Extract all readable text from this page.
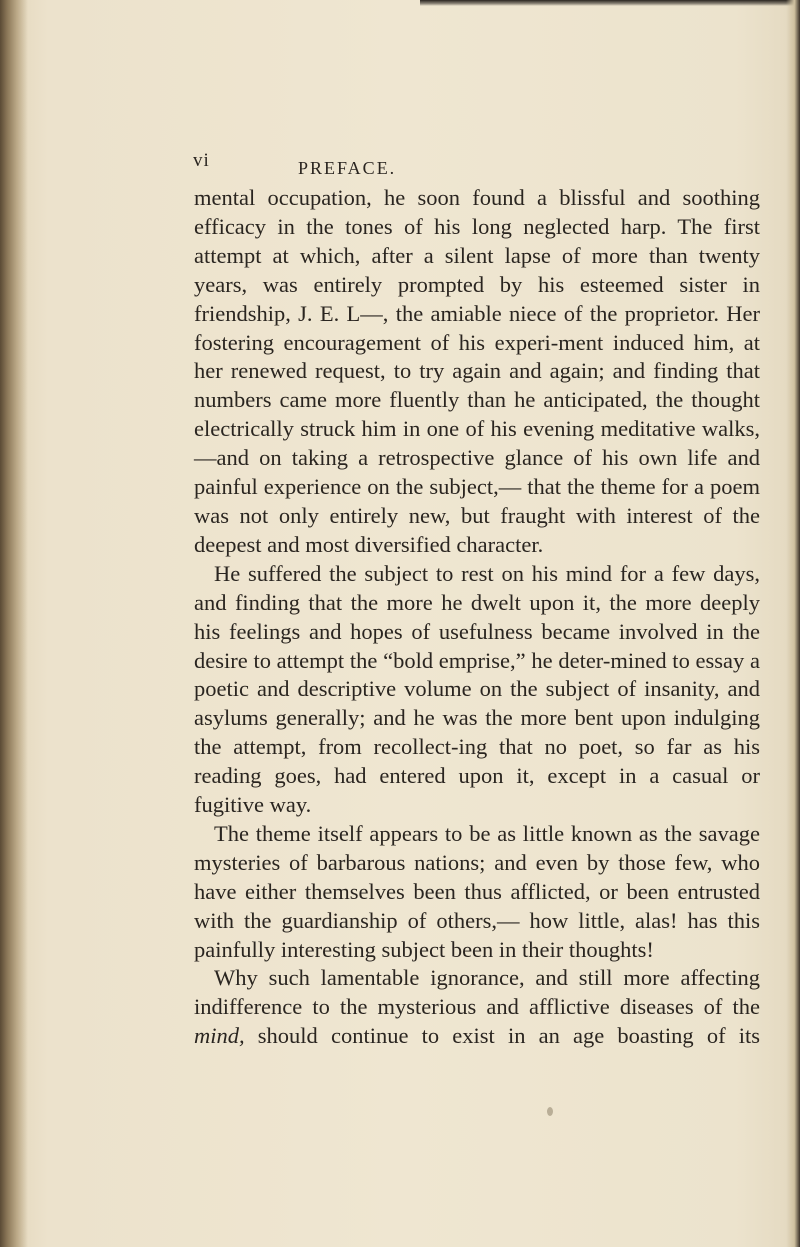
vi	PREFACE.

mental occupation, he soon found a blissful and soothing efficacy in the tones of his long neglected harp. The first attempt at which, after a silent lapse of more than twenty years, was entirely prompted by his esteemed sister in friendship, J. E. L—, the amiable niece of the proprietor. Her fostering encouragement of his experi-ment induced him, at her renewed request, to try again and again; and finding that numbers came more fluently than he anticipated, the thought electrically struck him in one of his evening meditative walks,—and on taking a retrospective glance of his own life and painful experience on the subject,— that the theme for a poem was not only entirely new, but fraught with interest of the deepest and most diversified character.

He suffered the subject to rest on his mind for a few days, and finding that the more he dwelt upon it, the more deeply his feelings and hopes of usefulness became involved in the desire to attempt the “bold emprise,” he deter-mined to essay a poetic and descriptive volume on the subject of insanity, and asylums generally; and he was the more bent upon indulging the attempt, from recollect-ing that no poet, so far as his reading goes, had entered upon it, except in a casual or fugitive way.

The theme itself appears to be as little known as the savage mysteries of barbarous nations; and even by those few, who have either themselves been thus afflicted, or been entrusted with the guardianship of others,— how little, alas! has this painfully interesting subject been in their thoughts!

Why such lamentable ignorance, and still more affecting indifference to the mysterious and afflictive diseases of the mind, should continue to exist in an age boasting of its
